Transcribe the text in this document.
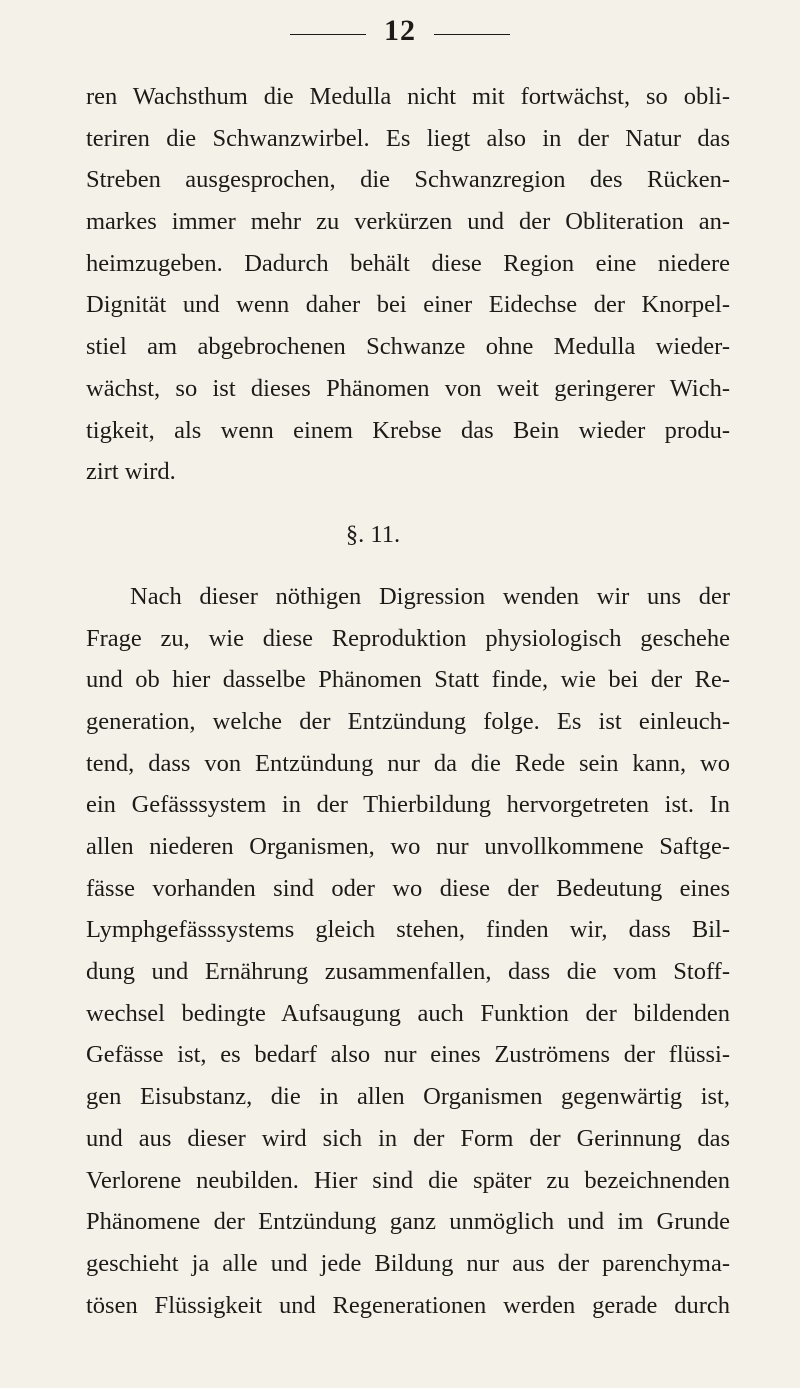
12
ren Wachsthum die Medulla nicht mit fortwächst, so obli-
teriren die Schwanzwirbel. Es liegt also in der Natur das
Streben ausgesprochen, die Schwanzregion des Rücken-
markes immer mehr zu verkürzen und der Obliteration an-
heimzugeben. Dadurch behält diese Region eine niedere
Dignität und wenn daher bei einer Eidechse der Knorpel-
stiel am abgebrochenen Schwanze ohne Medulla wieder-
wächst, so ist dieses Phänomen von weit geringerer Wich-
tigkeit, als wenn einem Krebse das Bein wieder produ-
zirt wird.
§. 11.
Nach dieser nöthigen Digression wenden wir uns der
Frage zu, wie diese Reproduktion physiologisch geschehe
und ob hier dasselbe Phänomen Statt finde, wie bei der Re-
generation, welche der Entzündung folge. Es ist einleuch-
tend, dass von Entzündung nur da die Rede sein kann, wo
ein Gefässsystem in der Thierbildung hervorgetreten ist. In
allen niederen Organismen, wo nur unvollkommene Saftge-
fässe vorhanden sind oder wo diese der Bedeutung eines
Lymphgefässsystems gleich stehen, finden wir, dass Bil-
dung und Ernährung zusammenfallen, dass die vom Stoff-
wechsel bedingte Aufsaugung auch Funktion der bildenden
Gefässe ist, es bedarf also nur eines Zuströmens der flüssi-
gen Eisubstanz, die in allen Organismen gegenwärtig ist,
und aus dieser wird sich in der Form der Gerinnung das
Verlorene neubilden. Hier sind die später zu bezeichnenden
Phänomene der Entzündung ganz unmöglich und im Grunde
geschieht ja alle und jede Bildung nur aus der parenchyma-
tösen Flüssigkeit und Regenerationen werden gerade durch
